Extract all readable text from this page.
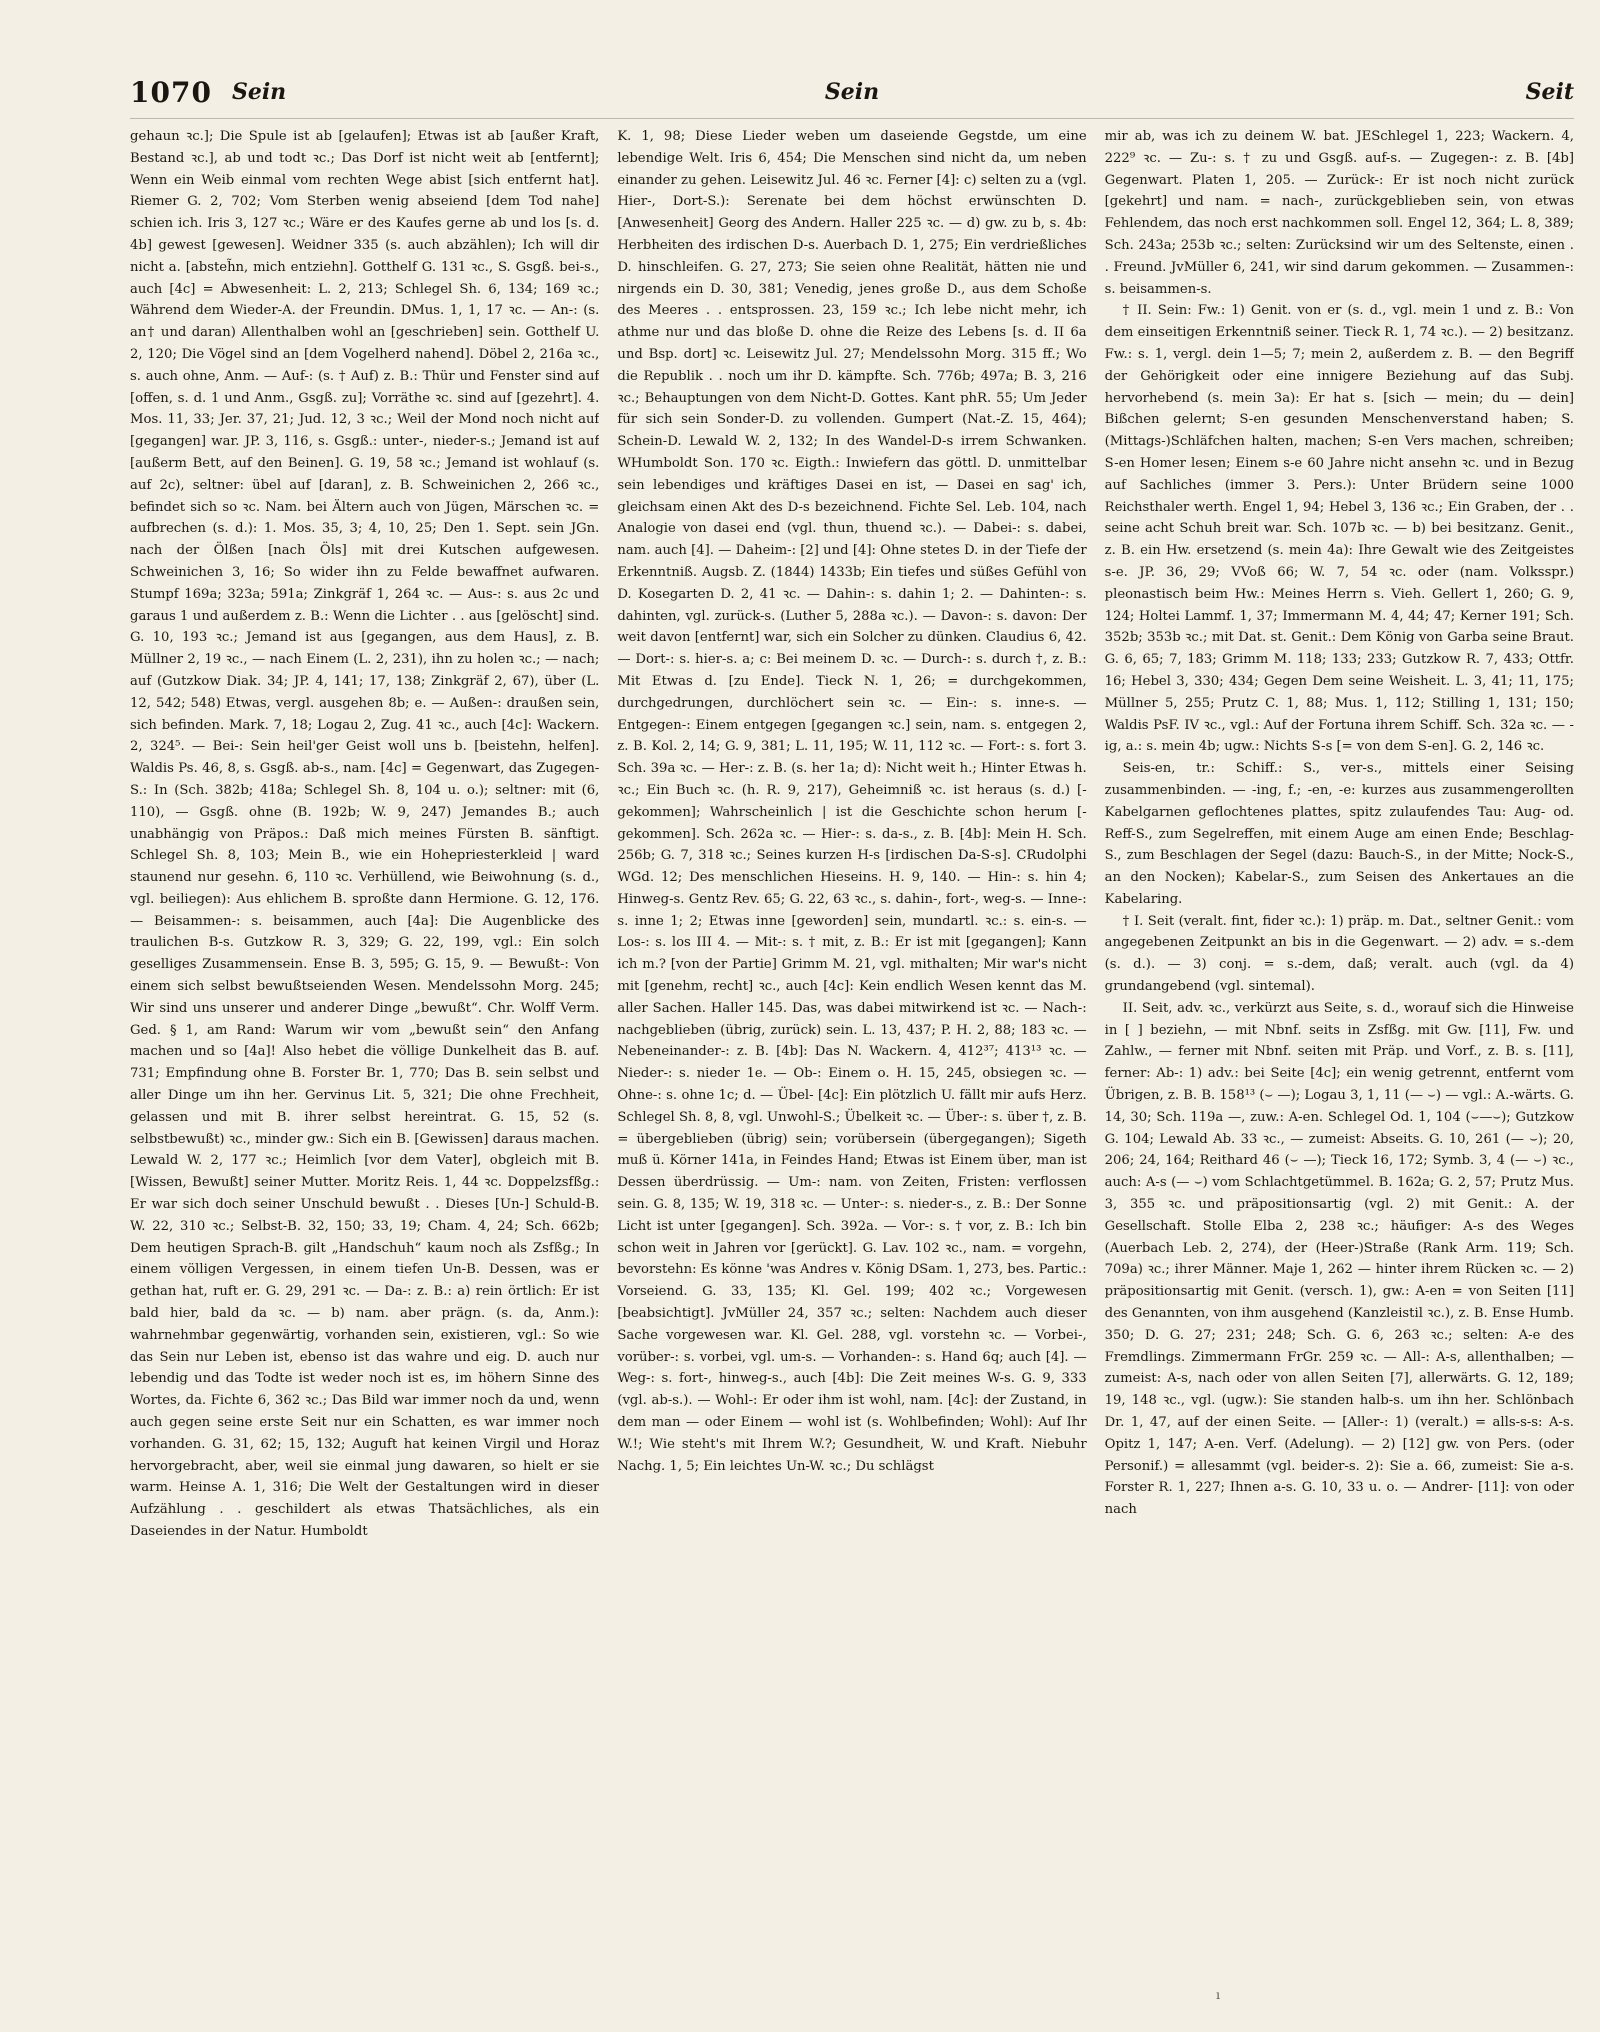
1070 Sein	Sein	Seit

gehaun ꝛc.]; Die Spule ist ab [gelaufen]; Etwas ist ab [außer Kraft, Bestand ꝛc.], ab und todt ꝛc.; Das Dorf ist nicht weit ab [entfernt]; Wenn ein Weib einmal vom rechten Wege abist [sich entfernt hat]. Riemer G. 2, 702; Vom Sterben wenig abseiend [dem Tod nahe] schien ich. Iris 3, 127 ꝛc.; Wäre er des Kaufes gerne ab und los [s. d. 4b] gewest [gewesen]. Weidner 335 (s. auch abzählen); Ich will dir nicht a. [absteh̃n, mich entziehn]. Gotthelf G. 131 ꝛc., S. Gsgß. bei-s., auch [4c] = Abwesenheit: L. 2, 213; Schlegel Sh. 6, 134; 169 ꝛc.; Während dem Wieder-A. der Freundin. DMus. 1, 1, 17 ꝛc. — An-: (s. an† und daran) Allenthalben wohl an [geschrieben] sein. Gotthelf U. 2, 120; Die Vögel sind an [dem Vogelherd nahend]. Döbel 2, 216a ꝛc., s. auch ohne, Anm. — Auf-: (s. † Auf) z. B.: Thür und Fenster sind auf [offen, s. d. 1 und Anm., Gsgß. zu]; Vorräthe ꝛc. sind auf [gezehrt]. 4. Mos. 11, 33; Jer. 37, 21; Jud. 12, 3 ꝛc.; Weil der Mond noch nicht auf [gegangen] war. JP. 3, 116, s. Gsgß.: unter-, nieder-s.; Jemand ist auf [außerm Bett, auf den Beinen]. G. 19, 58 ꝛc.; Jemand ist wohlauf (s. auf 2c), seltner: übel auf [daran], z. B. Schweinichen 2, 266 ꝛc., befindet sich so ꝛc. Nam. bei Ältern auch von Jügen, Märschen ꝛc. = aufbrechen (s. d.): 1. Mos. 35, 3; 4, 10, 25; Den 1. Sept. sein JGn. nach der Ölßen [nach Öls] mit drei Kutschen aufgewesen. Schweinichen 3, 16; So wider ihn zu Felde bewaffnet aufwaren. Stumpf 169a; 323a; 591a; Zinkgräf 1, 264 ꝛc. — Aus-: s. aus 2c und garaus 1 und außerdem z. B.: Wenn die Lichter . . aus [gelöscht] sind. G. 10, 193 ꝛc.; Jemand ist aus [gegangen, aus dem Haus], z. B. Müllner 2, 19 ꝛc., — nach Einem (L. 2, 231), ihn zu holen ꝛc.; — nach; auf (Gutzkow Diak. 34; JP. 4, 141; 17, 138; Zinkgräf 2, 67), über (L. 12, 542; 548) Etwas, vergl. ausgehen 8b; e. — Außen-: draußen sein, sich befinden. Mark. 7, 18; Logau 2, Zug. 41 ꝛc., auch [4c]: Wackern. 2, 324⁵. — Bei-: Sein heil'ger Geist woll uns b. [beistehn, helfen]. Waldis Ps. 46, 8, s. Gsgß. ab-s., nam. [4c] = Gegenwart, das Zugegen-S.: In (Sch. 382b; 418a; Schlegel Sh. 8, 104 u. o.); seltner: mit (6, 110), — Gsgß. ohne (B. 192b; W. 9, 247) Jemandes B.; auch unabhängig von Präpos.: Daß mich meines Fürsten B. sänftigt. Schlegel Sh. 8, 103; Mein B., wie ein Hohepriesterkleid | ward staunend nur gesehn. 6, 110 ꝛc. Verhüllend, wie Beiwohnung (s. d., vgl. beiliegen): Aus ehlichem B. sproßte dann Hermione. G. 12, 176. — Beisammen-: s. beisammen, auch [4a]: Die Augenblicke des traulichen B-s. Gutzkow R. 3, 329; G. 22, 199, vgl.: Ein solch geselliges Zusammensein. Ense B. 3, 595; G. 15, 9. — Bewußt-: Von einem sich selbst bewußtseienden Wesen. Mendelssohn Morg. 245; Wir sind uns unserer und anderer Dinge „bewußt“. Chr. Wolff Verm. Ged. § 1, am Rand: Warum wir vom „bewußt sein“ den Anfang machen und so [4a]! Also hebet die völlige Dunkelheit das B. auf. 731; Empfindung ohne B. Forster Br. 1, 770; Das B. sein selbst und aller Dinge um ihn her. Gervinus Lit. 5, 321; Die ohne Frechheit, gelassen und mit B. ihrer selbst hereintrat. G. 15, 52 (s. selbstbewußt) ꝛc., minder gw.: Sich ein B. [Gewissen] daraus machen. Lewald W. 2, 177 ꝛc.; Heimlich [vor dem Vater], obgleich mit B. [Wissen, Bewußt] seiner Mutter. Moritz Reis. 1, 44 ꝛc. Doppelzsfßg.: Er war sich doch seiner Unschuld bewußt . . Dieses [Un-] Schuld-B. W. 22, 310 ꝛc.; Selbst-B. 32, 150; 33, 19; Cham. 4, 24; Sch. 662b; Dem heutigen Sprach-B. gilt „Handschuh“ kaum noch als Zsfßg.; In einem völligen Vergessen, in einem tiefen Un-B. Dessen, was er gethan hat, ruft er. G. 29, 291 ꝛc. — Da-: z. B.: a) rein örtlich: Er ist bald hier, bald da ꝛc. — b) nam. aber prägn. (s. da, Anm.): wahrnehmbar gegenwärtig, vorhanden sein, existieren, vgl.: So wie das Sein nur Leben ist, ebenso ist das wahre und eig. D. auch nur lebendig und das Todte ist weder noch ist es, im höhern Sinne des Wortes, da. Fichte 6, 362 ꝛc.; Das Bild war immer noch da und, wenn auch gegen seine erste Seit nur ein Schatten, es war immer noch vorhanden. G. 31, 62; 15, 132; Auguft hat keinen Virgil und Horaz hervorgebracht, aber, weil sie einmal jung dawaren, so hielt er sie warm. Heinse A. 1, 316; Die Welt der Gestaltungen wird in dieser Aufzählung . . geschildert als etwas Thatsächliches, als ein Daseiendes in der Natur. Humboldt

K. 1, 98; Diese Lieder weben um daseiende Gegstde, um eine lebendige Welt. Iris 6, 454; Die Menschen sind nicht da, um neben einander zu gehen. Leisewitz Jul. 46 ꝛc. Ferner [4]: c) selten zu a (vgl. Hier-, Dort-S.): Serenate bei dem höchst erwünschten D. [Anwesenheit] Georg des Andern. Haller 225 ꝛc. — d) gw. zu b, s. 4b: Herbheiten des irdischen D-s. Auerbach D. 1, 275; Ein verdrießliches D. hinschleifen. G. 27, 273; Sie seien ohne Realität, hätten nie und nirgends ein D. 30, 381; Venedig, jenes große D., aus dem Schoße des Meeres . . entsprossen. 23, 159 ꝛc.; Ich lebe nicht mehr, ich athme nur und das bloße D. ohne die Reize des Lebens [s. d. II 6a und Bsp. dort] ꝛc. Leisewitz Jul. 27; Mendelssohn Morg. 315 ff.; Wo die Republik . . noch um ihr D. kämpfte. Sch. 776b; 497a; B. 3, 216 ꝛc.; Behauptungen von dem Nicht-D. Gottes. Kant phR. 55; Um Jeder für sich sein Sonder-D. zu vollenden. Gumpert (Nat.-Z. 15, 464); Schein-D. Lewald W. 2, 132; In des Wandel-D-s irrem Schwanken. WHumboldt Son. 170 ꝛc. Eigth.: Inwiefern das göttl. D. unmittelbar sein lebendiges und kräftiges Dasei en ist, — Dasei en sag' ich, gleichsam einen Akt des D-s bezeichnend. Fichte Sel. Leb. 104, nach Analogie von dasei end (vgl. thun, thuend ꝛc.). — Dabei-: s. dabei, nam. auch [4]. — Daheim-: [2] und [4]: Ohne stetes D. in der Tiefe der Erkenntniß. Augsb. Z. (1844) 1433b; Ein tiefes und süßes Gefühl von D. Kosegarten D. 2, 41 ꝛc. — Dahin-: s. dahin 1; 2. — Dahinten-: s. dahinten, vgl. zurück-s. (Luther 5, 288a ꝛc.). — Davon-: s. davon: Der weit davon [entfernt] war, sich ein Solcher zu dünken. Claudius 6, 42. — Dort-: s. hier-s. a; c: Bei meinem D. ꝛc. — Durch-: s. durch †, z. B.: Mit Etwas d. [zu Ende]. Tieck N. 1, 26; = durchgekommen, durchgedrungen, durchlöchert sein ꝛc. — Ein-: s. inne-s. — Entgegen-: Einem entgegen [gegangen ꝛc.] sein, nam. s. entgegen 2, z. B. Kol. 2, 14; G. 9, 381; L. 11, 195; W. 11, 112 ꝛc. — Fort-: s. fort 3. Sch. 39a ꝛc. — Her-: z. B. (s. her 1a; d): Nicht weit h.; Hinter Etwas h. ꝛc.; Ein Buch ꝛc. (h. R. 9, 217), Geheimniß ꝛc. ist heraus (s. d.) [-gekommen]; Wahrscheinlich | ist die Geschichte schon herum [-gekommen]. Sch. 262a ꝛc. — Hier-: s. da-s., z. B. [4b]: Mein H. Sch. 256b; G. 7, 318 ꝛc.; Seines kurzen H-s [irdischen Da-S-s]. CRudolphi WGd. 12; Des menschlichen Hieseins. H. 9, 140. — Hin-: s. hin 4; Hinweg-s. Gentz Rev. 65; G. 22, 63 ꝛc., s. dahin-, fort-, weg-s. — Inne-: s. inne 1; 2; Etwas inne [geworden] sein, mundartl. ꝛc.: s. ein-s. — Los-: s. los III 4. — Mit-: s. † mit, z. B.: Er ist mit [gegangen]; Kann ich m.? [von der Partie] Grimm M. 21, vgl. mithalten; Mir war's nicht mit [genehm, recht] ꝛc., auch [4c]: Kein endlich Wesen kennt das M. aller Sachen. Haller 145. Das, was dabei mitwirkend ist ꝛc. — Nach-: nachgeblieben (übrig, zurück) sein. L. 13, 437; P. H. 2, 88; 183 ꝛc. — Nebeneinander-: z. B. [4b]: Das N. Wackern. 4, 412³⁷; 413¹³ ꝛc. — Nieder-: s. nieder 1e. — Ob-: Einem o. H. 15, 245, obsiegen ꝛc. — Ohne-: s. ohne 1c; d. — Übel- [4c]: Ein plötzlich U. fällt mir aufs Herz. Schlegel Sh. 8, 8, vgl. Unwohl-S.; Übelkeit ꝛc. — Über-: s. über †, z. B. = übergeblieben (übrig) sein; vorübersein (übergegangen); Sigeth muß ü. Körner 141a, in Feindes Hand; Etwas ist Einem über, man ist Dessen überdrüssig. — Um-: nam. von Zeiten, Fristen: verflossen sein. G. 8, 135; W. 19, 318 ꝛc. — Unter-: s. nieder-s., z. B.: Der Sonne Licht ist unter [gegangen]. Sch. 392a. — Vor-: s. † vor, z. B.: Ich bin schon weit in Jahren vor [gerückt]. G. Lav. 102 ꝛc., nam. = vorgehn, bevorstehn: Es könne 'was Andres v. König DSam. 1, 273, bes. Partic.: Vorseiend. G. 33, 135; Kl. Gel. 199; 402 ꝛc.; Vorgewesen [beabsichtigt]. JvMüller 24, 357 ꝛc.; selten: Nachdem auch dieser Sache vorgewesen war. Kl. Gel. 288, vgl. vorstehn ꝛc. — Vorbei-, vorüber-: s. vorbei, vgl. um-s. — Vorhanden-: s. Hand 6q; auch [4]. — Weg-: s. fort-, hinweg-s., auch [4b]: Die Zeit meines W-s. G. 9, 333 (vgl. ab-s.). — Wohl-: Er oder ihm ist wohl, nam. [4c]: der Zustand, in dem man — oder Einem — wohl ist (s. Wohlbefinden; Wohl): Auf Ihr W.!; Wie steht's mit Ihrem W.?; Gesundheit, W. und Kraft. Niebuhr Nachg. 1, 5; Ein leichtes Un-W. ꝛc.; Du schlägst

mir ab, was ich zu deinem W. bat. JESchlegel 1, 223; Wackern. 4, 222⁹ ꝛc. — Zu-: s. † zu und Gsgß. auf-s. — Zugegen-: z. B. [4b] Gegenwart. Platen 1, 205. — Zurück-: Er ist noch nicht zurück [gekehrt] und nam. = nach-, zurückgeblieben sein, von etwas Fehlendem, das noch erst nachkommen soll. Engel 12, 364; L. 8, 389; Sch. 243a; 253b ꝛc.; selten: Zurücksind wir um des Seltenste, einen . . Freund. JvMüller 6, 241, wir sind darum gekommen. — Zusammen-: s. beisammen-s.

† II. Sein: Fw.: 1) Genit. von er (s. d., vgl. mein 1 und z. B.: Von dem einseitigen Erkenntniß seiner. Tieck R. 1, 74 ꝛc.). — 2) besitzanz. Fw.: s. 1, vergl. dein 1—5; 7; mein 2, außerdem z. B. — den Begriff der Gehörigkeit oder eine innigere Beziehung auf das Subj. hervorhebend (s. mein 3a): Er hat s. [sich — mein; du — dein] Bißchen gelernt; S-en gesunden Menschenverstand haben; S. (Mittags-)Schläfchen halten, machen; S-en Vers machen, schreiben; S-en Homer lesen; Einem s-e 60 Jahre nicht ansehn ꝛc. und in Bezug auf Sachliches (immer 3. Pers.): Unter Brüdern seine 1000 Reichsthaler werth. Engel 1, 94; Hebel 3, 136 ꝛc.; Ein Graben, der . . seine acht Schuh breit war. Sch. 107b ꝛc. — b) bei besitzanz. Genit., z. B. ein Hw. ersetzend (s. mein 4a): Ihre Gewalt wie des Zeitgeistes s-e. JP. 36, 29; VVoß 66; W. 7, 54 ꝛc. oder (nam. Volksspr.) pleonastisch beim Hw.: Meines Herrn s. Vieh. Gellert 1, 260; G. 9, 124; Holtei Lammf. 1, 37; Immermann M. 4, 44; 47; Kerner 191; Sch. 352b; 353b ꝛc.; mit Dat. st. Genit.: Dem König von Garba seine Braut. G. 6, 65; 7, 183; Grimm M. 118; 133; 233; Gutzkow R. 7, 433; Ottfr. 16; Hebel 3, 330; 434; Gegen Dem seine Weisheit. L. 3, 41; 11, 175; Müllner 5, 255; Prutz C. 1, 88; Mus. 1, 112; Stilling 1, 131; 150; Waldis PsF. IV ꝛc., vgl.: Auf der Fortuna ihrem Schiff. Sch. 32a ꝛc. — -ig, a.: s. mein 4b; ugw.: Nichts S-s [= von dem S-en]. G. 2, 146 ꝛc.

Seis-en, tr.: Schiff.: S., ver-s., mittels einer Seising zusammenbinden. — -ing, f.; -en, -e: kurzes aus zusammengerollten Kabelgarnen geflochtenes plattes, spitz zulaufendes Tau: Aug- od. Reff-S., zum Segelreffen, mit einem Auge am einen Ende; Beschlag-S., zum Beschlagen der Segel (dazu: Bauch-S., in der Mitte; Nock-S., an den Nocken); Kabelar-S., zum Seisen des Ankertaues an die Kabelaring.

† I. Seit (veralt. fint, fider ꝛc.): 1) präp. m. Dat., seltner Genit.: vom angegebenen Zeitpunkt an bis in die Gegenwart. — 2) adv. = s.-dem (s. d.). — 3) conj. = s.-dem, daß; veralt. auch (vgl. da 4) grundangebend (vgl. sintemal).

II. Seit, adv. ꝛc., verkürzt aus Seite, s. d., worauf sich die Hinweise in [ ] beziehn, — mit Nbnf. seits in Zsfßg. mit Gw. [11], Fw. und Zahlw., — ferner mit Nbnf. seiten mit Präp. und Vorf., z. B. s. [11], ferner: Ab-: 1) adv.: bei Seite [4c]; ein wenig getrennt, entfernt vom Übrigen, z. B. B. 158¹³ (⌣ —); Logau 3, 1, 11 (— ⌣) — vgl.: A.-wärts. G. 14, 30; Sch. 119a —, zuw.: A-en. Schlegel Od. 1, 104 (⌣—⌣); Gutzkow G. 104; Lewald Ab. 33 ꝛc., — zumeist: Abseits. G. 10, 261 (— ⌣); 20, 206; 24, 164; Reithard 46 (⌣ —); Tieck 16, 172; Symb. 3, 4 (— ⌣) ꝛc., auch: A-s (— ⌣) vom Schlachtgetümmel. B. 162a; G. 2, 57; Prutz Mus. 3, 355 ꝛc. und präpositionsartig (vgl. 2) mit Genit.: A. der Gesellschaft. Stolle Elba 2, 238 ꝛc.; häufiger: A-s des Weges (Auerbach Leb. 2, 274), der (Heer-)Straße (Rank Arm. 119; Sch. 709a) ꝛc.; ihrer Männer. Maje 1, 262 — hinter ihrem Rücken ꝛc. — 2) präpositionsartig mit Genit. (versch. 1), gw.: A-en = von Seiten [11] des Genannten, von ihm ausgehend (Kanzleistil ꝛc.), z. B. Ense Humb. 350; D. G. 27; 231; 248; Sch. G. 6, 263 ꝛc.; selten: A-e des Fremdlings. Zimmermann FrGr. 259 ꝛc. — All-: A-s, allenthalben; — zumeist: A-s, nach oder von allen Seiten [7], allerwärts. G. 12, 189; 19, 148 ꝛc., vgl. (ugw.): Sie standen halb-s. um ihn her. Schlönbach Dr. 1, 47, auf der einen Seite. — [Aller-: 1) (veralt.) = alls-s-s: A-s. Opitz 1, 147; A-en. Verf. (Adelung). — 2) [12] gw. von Pers. (oder Personif.) = allesammt (vgl. beider-s. 2): Sie a. 66, zumeist: Sie a-s. Forster R. 1, 227; Ihnen a-s. G. 10, 33 u. o. — Andrer- [11]: von oder nach

ı
